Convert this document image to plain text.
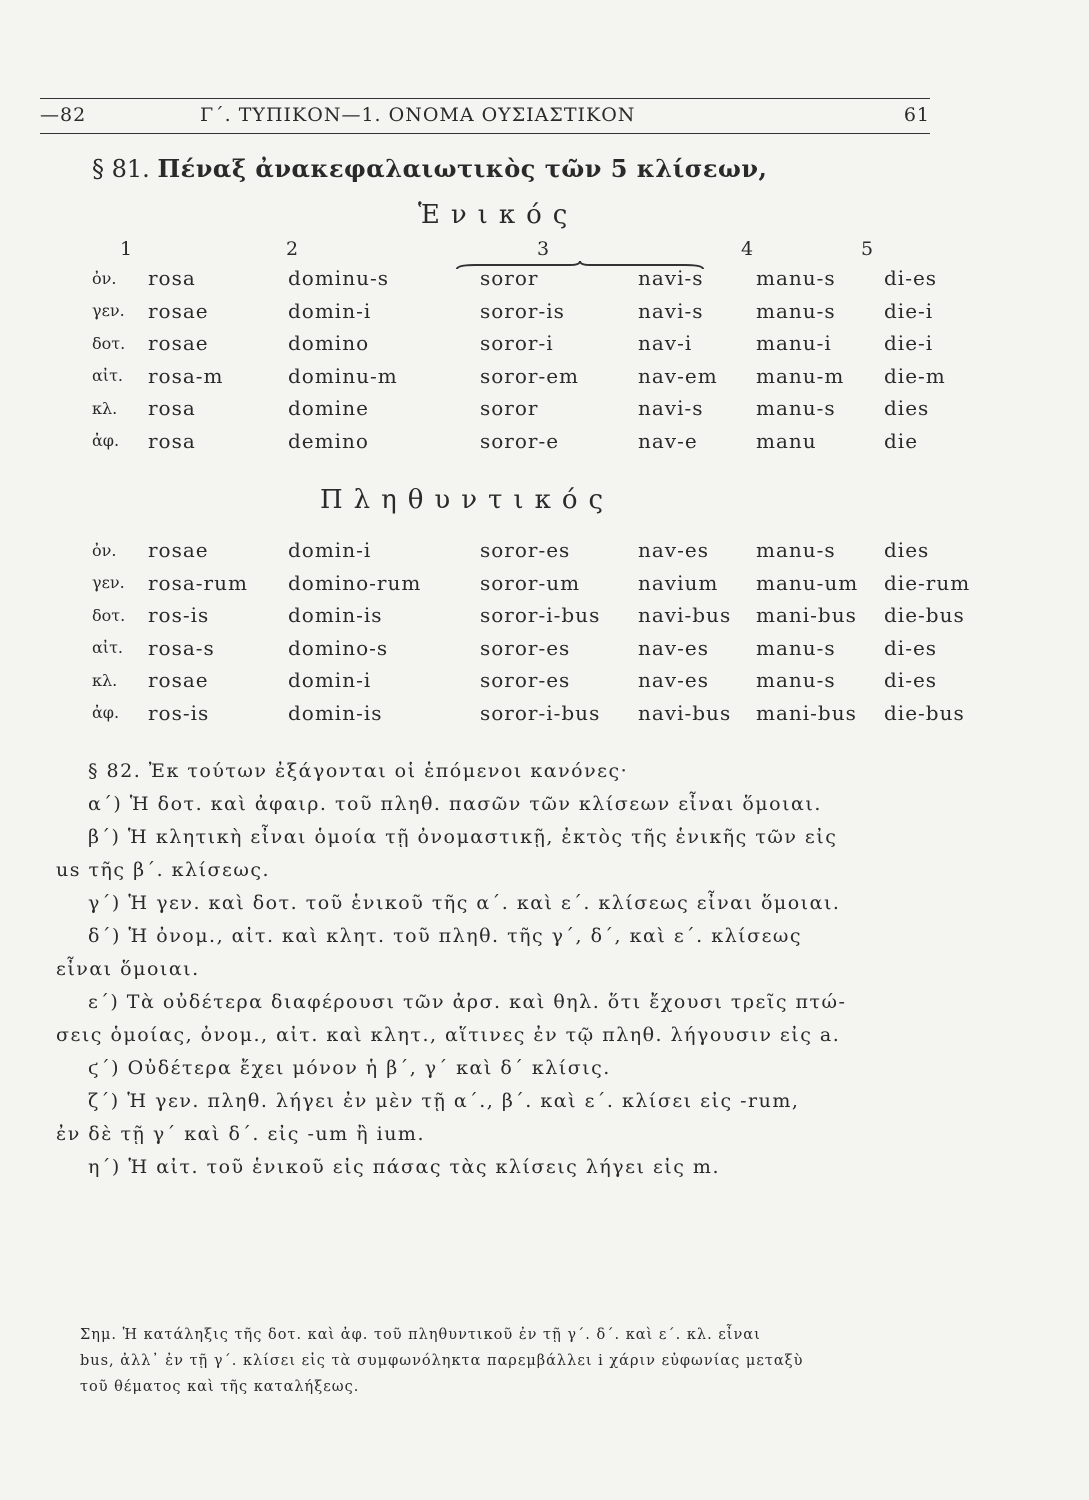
—82	Γ΄. ΤΥΠΙΚΟΝ—1. ΟΝΟΜΑ ΟΥΣΙΑΣΤΙΚΟΝ	61
§ 81. Πέναξ ἀνακεφαλαιωτικὸς τῶν 5 κλίσεων,
Ἑνικός
1	2	3	4	5
ὀν.	rosa	dominu-s	soror	navi-s	manu-s	di-es
γεν.	rosae	domin-i	soror-is	navi-s	manu-s	die-i
δοτ.	rosae	domino	soror-i	nav-i	manu-i	die-i
αἰτ.	rosa-m	dominu-m	soror-em	nav-em	manu-m	die-m
κλ.	rosa	domine	soror	navi-s	manu-s	dies
ἀφ.	rosa	demino	soror-e	nav-e	manu	die
Πληθυντικός
ὀν.	rosae	domin-i	soror-es	nav-es	manu-s	dies
γεν.	rosa-rum	domino-rum	soror-um	navium	manu-um	die-rum
δοτ.	ros-is	domin-is	soror-i-bus	navi-bus	mani-bus	die-bus
αἰτ.	rosa-s	domino-s	soror-es	nav-es	manu-s	di-es
κλ.	rosae	domin-i	soror-es	nav-es	manu-s	di-es
ἀφ.	ros-is	domin-is	soror-i-bus	navi-bus	mani-bus	die-bus
§ 82. Ἐκ τούτων ἐξάγονται οἱ ἑπόμενοι κανόνες·
α΄) Ἡ δοτ. καὶ ἀφαιρ. τοῦ πληθ. πασῶν τῶν κλίσεων εἶναι ὅμοιαι.
β΄) Ἡ κλητικὴ εἶναι ὁμοία τῇ ὀνομαστικῇ, ἐκτὸς τῆς ἑνικῆς τῶν εἰς
us τῆς β΄. κλίσεως.
γ΄) Ἡ γεν. καὶ δοτ. τοῦ ἑνικοῦ τῆς α΄. καὶ ε΄. κλίσεως εἶναι ὅμοιαι.
δ΄) Ἡ ὀνομ., αἰτ. καὶ κλητ. τοῦ πληθ. τῆς γ΄, δ΄, καὶ ε΄. κλίσεως
εἶναι ὅμοιαι.
ε΄) Τὰ οὐδέτερα διαφέρουσι τῶν ἀρσ. καὶ θηλ. ὅτι ἔχουσι τρεῖς πτώ-
σεις ὁμοίας, ὀνομ., αἰτ. καὶ κλητ., αἵτινες ἐν τῷ πληθ. λήγουσιν εἰς a.
ϛ΄) Οὐδέτερα ἔχει μόνον ἡ β΄, γ΄ καὶ δ΄ κλίσις.
ζ΄) Ἡ γεν. πληθ. λήγει ἐν μὲν τῇ α΄., β΄. καὶ ε΄. κλίσει εἰς -rum,
ἐν δὲ τῇ γ΄ καὶ δ΄. εἰς -um ἢ ium.
η΄) Ἡ αἰτ. τοῦ ἑνικοῦ εἰς πάσας τὰς κλίσεις λήγει εἰς m.
Σημ. Ἡ κατάληξις τῆς δοτ. καὶ ἀφ. τοῦ πληθυντικοῦ ἐν τῇ γ΄. δ΄. καὶ ε΄. κλ. εἶναι
bus, ἀλλ᾽ ἐν τῇ γ΄. κλίσει εἰς τὰ συμφωνόληκτα παρεμβάλλει i χάριν εὐφωνίας μεταξὺ
τοῦ θέματος καὶ τῆς καταλήξεως.
